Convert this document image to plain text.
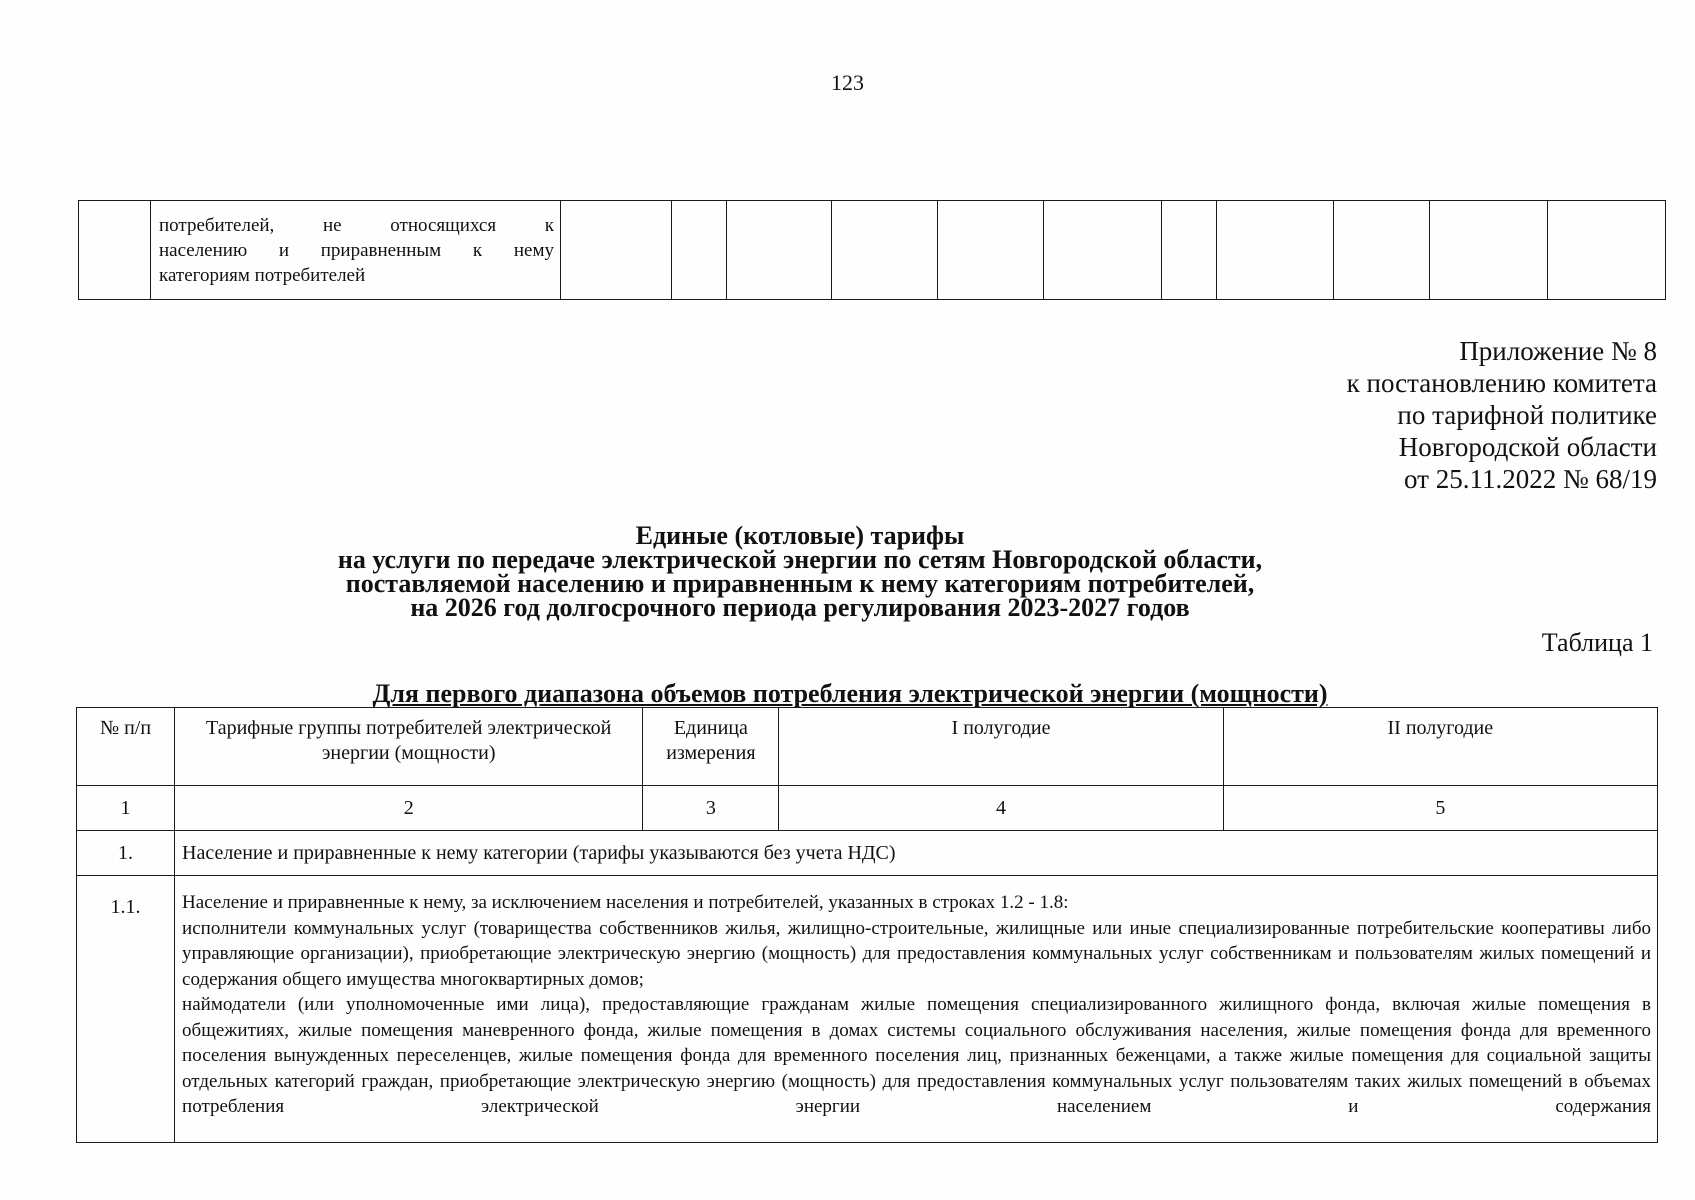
123

потребителей,	не	относящихся	к
населению и приравненным к нему
категориям потребителей

Приложение № 8
к постановлению комитета
по тарифной политике
Новгородской области
от 25.11.2022 № 68/19
Единые (котловые) тарифы
на услуги по передаче электрической энергии по сетям Новгородской области,
поставляемой населению и приравненным к нему категориям потребителей,
на 2026 год долгосрочного периода регулирования 2023-2027 годов
Таблица 1
Для первого диапазона объемов потребления электрической энергии (мощности)
№ п/п	Тарифные группы потребителей электрической энергии (мощности)	Единица измерения	I полугодие	II полугодие
1	2	3	4	5
1.	Население и приравненные к нему категории (тарифы указываются без учета НДС)			
1.1.	Население и приравненные к нему, за исключением населения и потребителей, указанных в строках 1.2 - 1.8:

исполнители коммунальных услуг (товарищества собственников жилья, жилищно-строительные, жилищные или иные специализированные потребительские кооперативы либо управляющие организации), приобретающие электрическую энергию (мощность) для предоставления коммунальных услуг собственникам и пользователям жилых помещений и содержания общего имущества многоквартирных домов;

наймодатели (или уполномоченные ими лица), предоставляющие гражданам жилые помещения специализированного жилищного фонда, включая жилые помещения в общежитиях, жилые помещения маневренного фонда, жилые помещения в домах системы социального обслуживания населения, жилые помещения фонда для временного поселения вынужденных переселенцев, жилые помещения фонда для временного поселения лиц, признанных беженцами, а также жилые помещения для социальной защиты отдельных категорий граждан, приобретающие электрическую энергию (мощность) для предоставления коммунальных услуг пользователям таких жилых помещений в объемах потребления электрической энергии населением и содержания			
